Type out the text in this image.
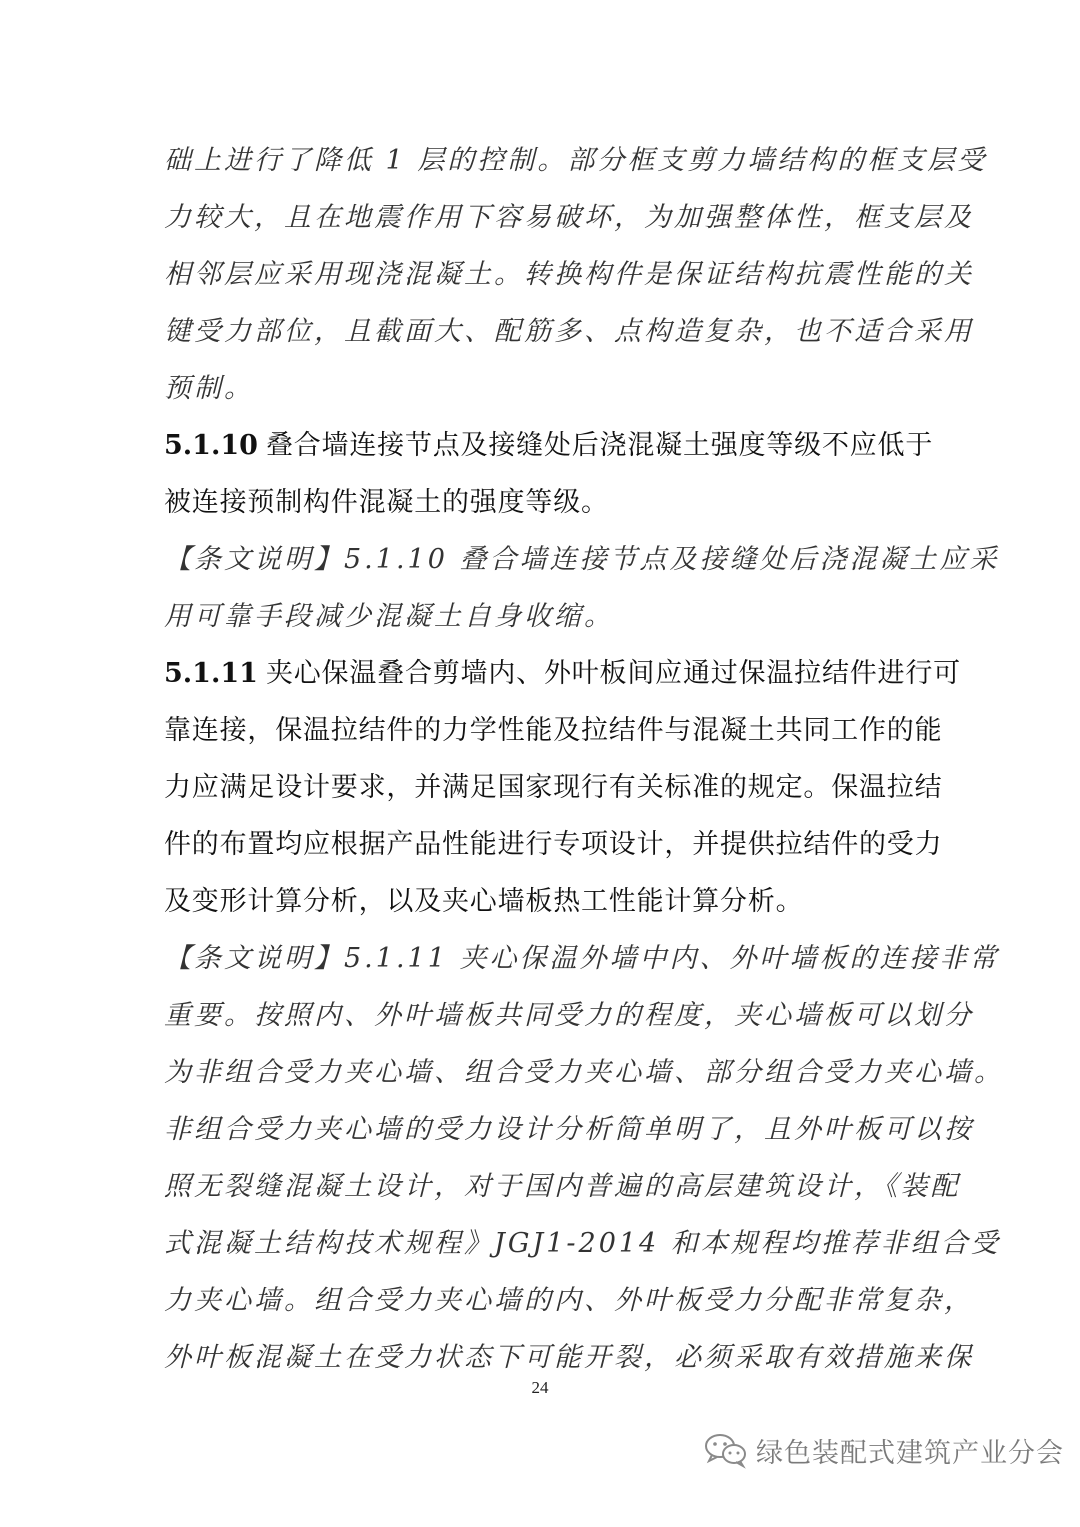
础上进行了降低 1 层的控制。部分框支剪力墙结构的框支层受
力较大，且在地震作用下容易破坏，为加强整体性，框支层及
相邻层应采用现浇混凝土。转换构件是保证结构抗震性能的关
键受力部位，且截面大、配筋多、点构造复杂，也不适合采用
预制。
5.1.10 叠合墙连接节点及接缝处后浇混凝土强度等级不应低于
被连接预制构件混凝土的强度等级。
【条文说明】5.1.10 叠合墙连接节点及接缝处后浇混凝土应采
用可靠手段减少混凝土自身收缩。
5.1.11 夹心保温叠合剪墙内、外叶板间应通过保温拉结件进行可
靠连接，保温拉结件的力学性能及拉结件与混凝土共同工作的能
力应满足设计要求，并满足国家现行有关标准的规定。保温拉结
件的布置均应根据产品性能进行专项设计，并提供拉结件的受力
及变形计算分析，以及夹心墙板热工性能计算分析。
【条文说明】5.1.11 夹心保温外墙中内、外叶墙板的连接非常
重要。按照内、外叶墙板共同受力的程度，夹心墙板可以划分
为非组合受力夹心墙、组合受力夹心墙、部分组合受力夹心墙。
非组合受力夹心墙的受力设计分析简单明了，且外叶板可以按
照无裂缝混凝土设计，对于国内普遍的高层建筑设计，《装配
式混凝土结构技术规程》JGJ1-2014 和本规程均推荐非组合受
力夹心墙。组合受力夹心墙的内、外叶板受力分配非常复杂，
外叶板混凝土在受力状态下可能开裂，必须采取有效措施来保
24
绿色装配式建筑产业分会
